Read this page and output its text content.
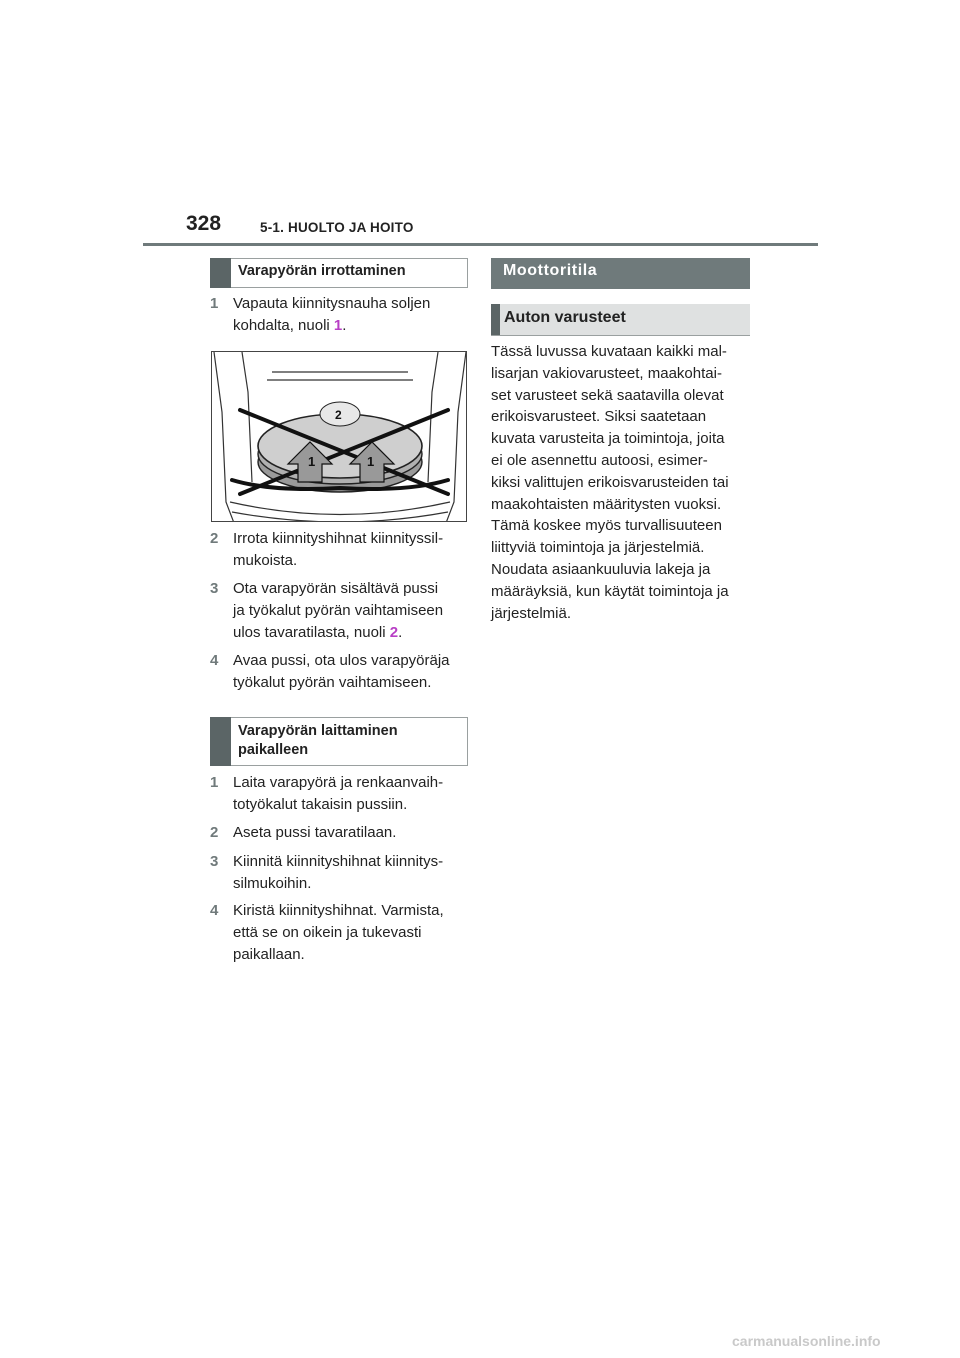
328	5-1. HUOLTO JA HOITO
Varapyörän irrottaminen
1 Vapauta kiinnitysnauha soljen
kohdalta, nuoli 1.
1	1
2
2 Irrota kiinnityshihnat kiinnityssil-
mukoista.
3 Ota varapyörän sisältävä pussi
ja työkalut pyörän vaihtamiseen
ulos tavaratilasta, nuoli 2.
4 Avaa pussi, ota ulos varapyöräja
työkalut pyörän vaihtamiseen.
Varapyörän laittaminen
paikalleen
1 Laita varapyörä ja renkaanvaih-
totyökalut takaisin pussiin.
2 Aseta pussi tavaratilaan.
3 Kiinnitä kiinnityshihnat kiinnitys-
silmukoihin.
4 Kiristä kiinnityshihnat. Varmista,
että se on oikein ja tukevasti
paikallaan.
Moottoritila
Auton varusteet
Tässä luvussa kuvataan kaikki mal-
lisarjan vakiovarusteet, maakohtai-
set varusteet sekä saatavilla olevat
erikoisvarusteet. Siksi saatetaan
kuvata varusteita ja toimintoja, joita
ei ole asennettu autoosi, esimer-
kiksi valittujen erikoisvarusteiden tai
maakohtaisten määritysten vuoksi.
Tämä koskee myös turvallisuuteen
liittyviä toimintoja ja järjestelmiä.
Noudata asiaankuuluvia lakeja ja
määräyksiä, kun käytät toimintoja ja
järjestelmiä.
carmanualsonline.info
